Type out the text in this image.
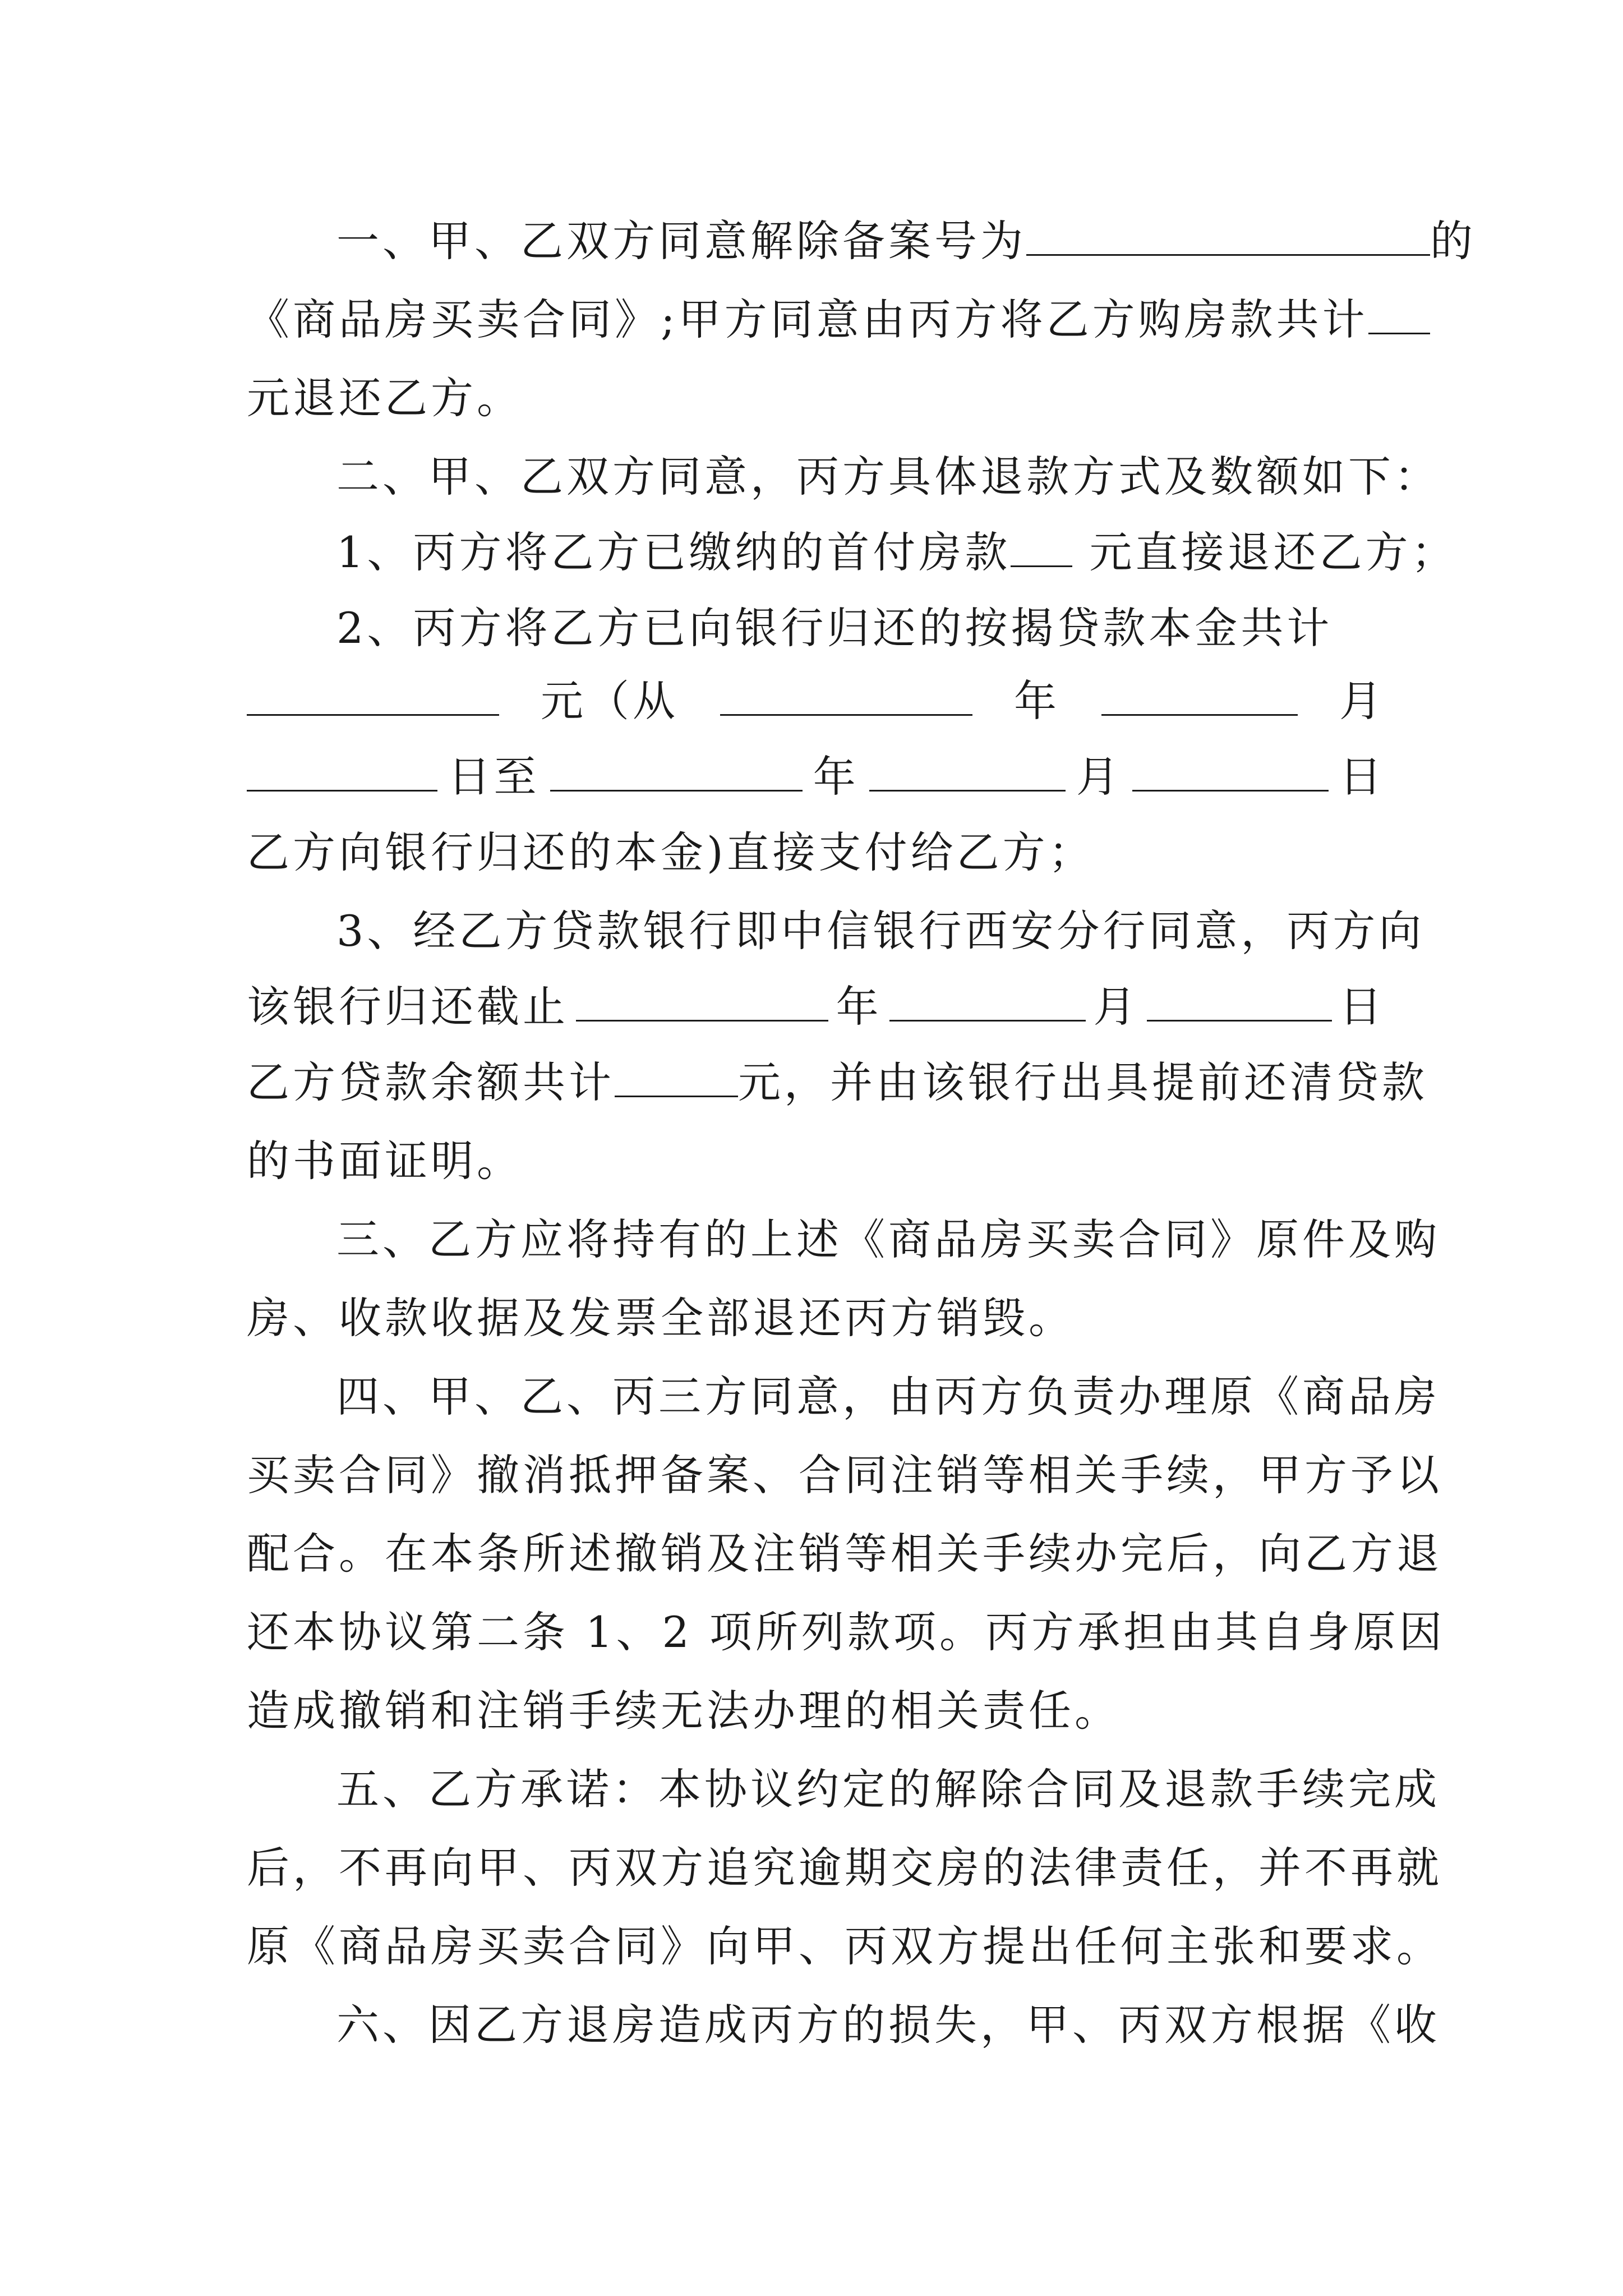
一、甲、乙双方同意解除备案号为	的
《商品房买卖合同》;甲方同意由丙方将乙方购房款共计
元退还乙方。
二、甲、乙双方同意，丙方具体退款方式及数额如下：
1、丙方将乙方已缴纳的首付房款 元直接退还乙方；
2、丙方将乙方已向银行归还的按揭贷款本金共计
元（从	年	月
日至	年	月	日
乙方向银行归还的本金)直接支付给乙方；
3、经乙方贷款银行即中信银行西安分行同意，丙方向
该银行归还截止	年	月	日
乙方贷款余额共计	元，并由该银行出具提前还清贷款
的书面证明。
三、乙方应将持有的上述《商品房买卖合同》原件及购
房、收款收据及发票全部退还丙方销毁。
四、甲、乙、丙三方同意，由丙方负责办理原《商品房
买卖合同》撤消抵押备案、合同注销等相关手续，甲方予以
配合。在本条所述撤销及注销等相关手续办完后，向乙方退
还本协议第二条 1、2 项所列款项。丙方承担由其自身原因
造成撤销和注销手续无法办理的相关责任。
五、乙方承诺：本协议约定的解除合同及退款手续完成
后，不再向甲、丙双方追究逾期交房的法律责任，并不再就
原《商品房买卖合同》向甲、丙双方提出任何主张和要求。
六、因乙方退房造成丙方的损失，甲、丙双方根据《收
